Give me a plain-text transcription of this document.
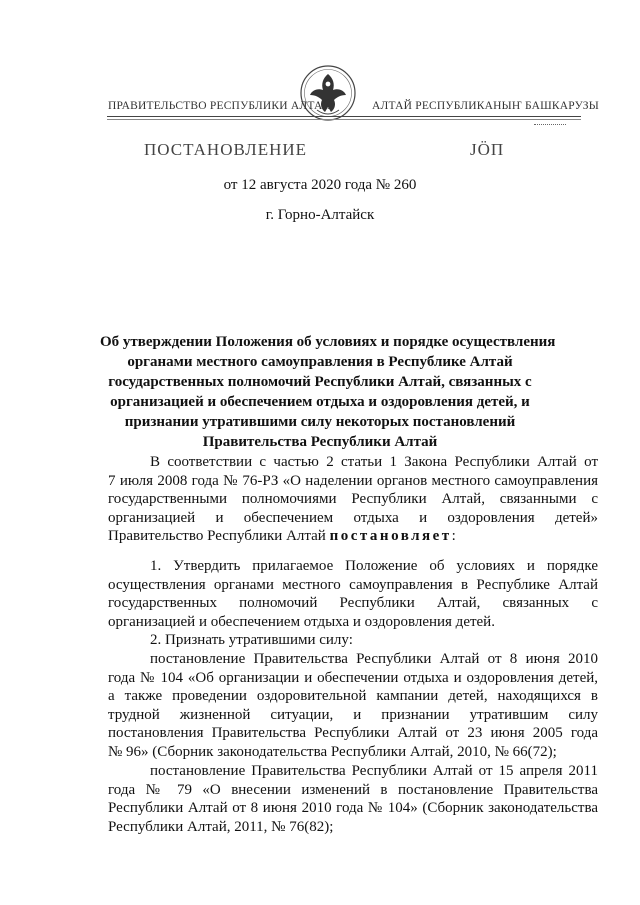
ПРАВИТЕЛЬСТВО РЕСПУБЛИКИ АЛТАЙ	АЛТАЙ РЕСПУБЛИКАНЫҤ БАШКАРУЗЫ
ПОСТАНОВЛЕНИЕ	ЈӦП
от 12 августа 2020 года № 260
г. Горно-Алтайск
Об утверждении Положения об условиях и порядке осуществления
органами местного самоуправления в Республике Алтай
государственных полномочий Республики Алтай, связанных с
организацией и обеспечением отдыха и оздоровления детей, и
признании утратившими силу некоторых постановлений
Правительства Республики Алтай
В соответствии с частью 2 статьи 1 Закона Республики Алтай от
7 июля 2008 года № 76-РЗ «О наделении органов местного самоуправления
государственными полномочиями Республики Алтай, связанными с
организацией и обеспечением отдыха и оздоровления детей»
Правительство Республики Алтай постановляет:
1. Утвердить прилагаемое Положение об условиях и порядке
осуществления органами местного самоуправления в Республике Алтай
государственных полномочий Республики Алтай, связанных с
организацией и обеспечением отдыха и оздоровления детей.
2. Признать утратившими силу:
постановление Правительства Республики Алтай от 8 июня 2010
года № 104 «Об организации и обеспечении отдыха и оздоровления детей,
а также проведении оздоровительной кампании детей, находящихся в
трудной жизненной ситуации, и признании утратившим силу
постановления Правительства Республики Алтай от 23 июня 2005 года
№ 96» (Сборник законодательства Республики Алтай, 2010, № 66(72);
постановление Правительства Республики Алтай от 15 апреля 2011
года № 79 «О внесении изменений в постановление Правительства
Республики Алтай от 8 июня 2010 года № 104» (Сборник законодательства
Республики Алтай, 2011, № 76(82);
